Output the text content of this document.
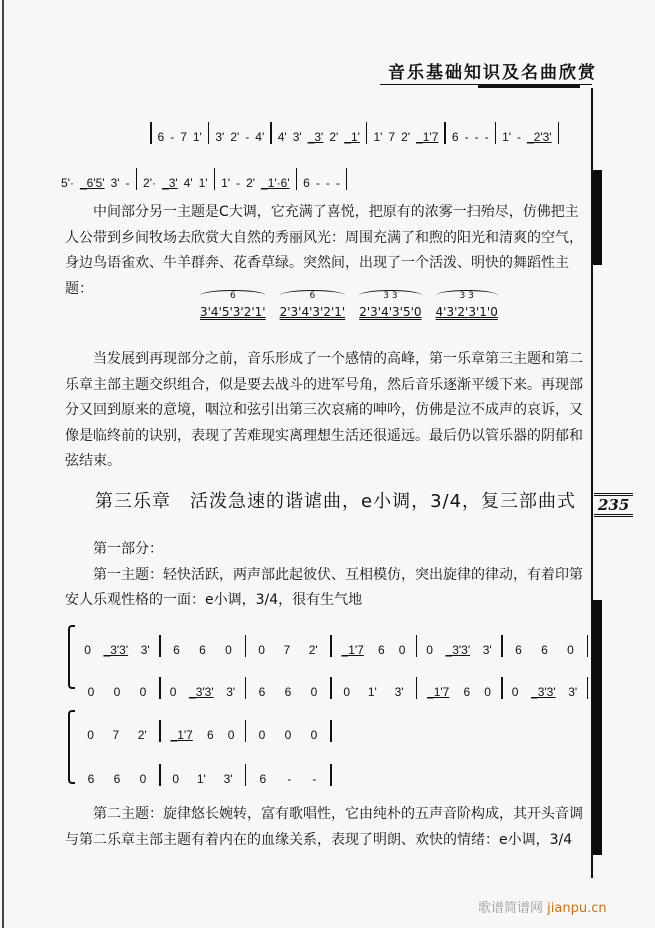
音乐基础知识及名曲欣赏
6 - 7 1' 3' 2' - 4' 4' 3' _3' 2' _1' 1' 7 2' _1'7 6 - - - 1' - _2'3'
5'· _6'5' 3' - 2'· _3' 4' 1' 1' - 2' _1'·6' 6 - - -

中间部分另一主题是C大调，它充满了喜悦，把原有的浓雾一扫殆尽，仿佛把主人公带到乡间牧场去欣赏大自然的秀丽风光：周围充满了和煦的阳光和清爽的空气，身边鸟语雀欢、牛羊群奔、花香草绿。突然间，出现了一个活泼、明快的舞蹈性主题：	6
3'4'5'3'2'1'
6
2'3'4'3'2'1'
3 3
2'3'4'3'5'0
3 3
4'3'2'3'1'0

当发展到再现部分之前，音乐形成了一个感情的高峰，第一乐章第三主题和第二乐章主部主题交织组合，似是要去战斗的进军号角，然后音乐逐渐平缓下来。再现部分又回到原来的意境，咽泣和弦引出第三次哀痛的呻吟，仿佛是泣不成声的哀诉，又像是临终前的诀别，表现了苦难现实离理想生活还很遥远。最后仍以管乐器的阴郁和弦结束。

第三乐章　活泼急速的谐谑曲，e小调，3/4，复三部曲式 235

第一部分：

第一主题：轻快活跃，两声部此起彼伏、互相模仿，突出旋律的律动，有着印第安人乐观性格的一面：e小调，3/4，很有生气地

0 _3'3' 3' 6 6 0 0 7 2' _1'7 6 0 0 _3'3' 3' 6 6 0
0 0 0 0 _3'3' 3' 6 6 0 0 1' 3' _1'7 6 0 0 _3'3' 3'
0 7 2' _1'7 6 0 0 0 0
6 6 0 0 1' 3' 6 - -

第二主题：旋律悠长婉转，富有歌唱性，它由纯朴的五声音阶构成，其开头音调与第二乐章主部主题有着内在的血缘关系，表现了明朗、欢快的情绪：e小调，3/4

歌谱简谱网 jianpu.cn
